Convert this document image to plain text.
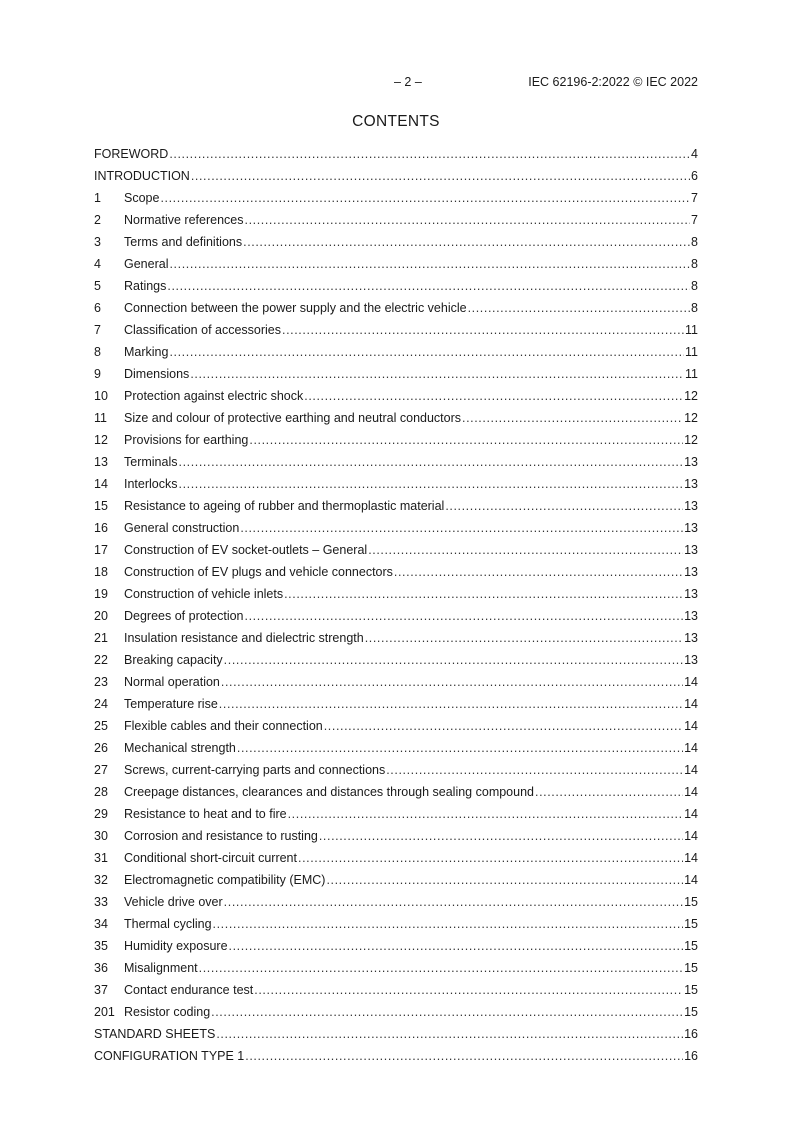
– 2 –	IEC 62196-2:2022 © IEC 2022
CONTENTS
FOREWORD .....	4
INTRODUCTION .....	6
1	Scope .....	7
2	Normative references .....	7
3	Terms and definitions .....	8
4	General .....	8
5	Ratings .....	8
6	Connection between the power supply and the electric vehicle .....	8
7	Classification of accessories .....	11
8	Marking .....	11
9	Dimensions .....	11
10	Protection against electric shock .....	12
11	Size and colour of protective earthing and neutral conductors .....	12
12	Provisions for earthing .....	12
13	Terminals .....	13
14	Interlocks .....	13
15	Resistance to ageing of rubber and thermoplastic material .....	13
16	General construction .....	13
17	Construction of EV socket-outlets – General .....	13
18	Construction of EV plugs and vehicle connectors .....	13
19	Construction of vehicle inlets .....	13
20	Degrees of protection .....	13
21	Insulation resistance and dielectric strength .....	13
22	Breaking capacity .....	13
23	Normal operation .....	14
24	Temperature rise .....	14
25	Flexible cables and their connection .....	14
26	Mechanical strength .....	14
27	Screws, current-carrying parts and connections .....	14
28	Creepage distances, clearances and distances through sealing compound .....	14
29	Resistance to heat and to fire .....	14
30	Corrosion and resistance to rusting .....	14
31	Conditional short-circuit current .....	14
32	Electromagnetic compatibility (EMC) .....	14
33	Vehicle drive over .....	15
34	Thermal cycling .....	15
35	Humidity exposure .....	15
36	Misalignment .....	15
37	Contact endurance test .....	15
201 Resistor coding .....	15
STANDARD SHEETS .....	16
CONFIGURATION TYPE 1 .....	16
